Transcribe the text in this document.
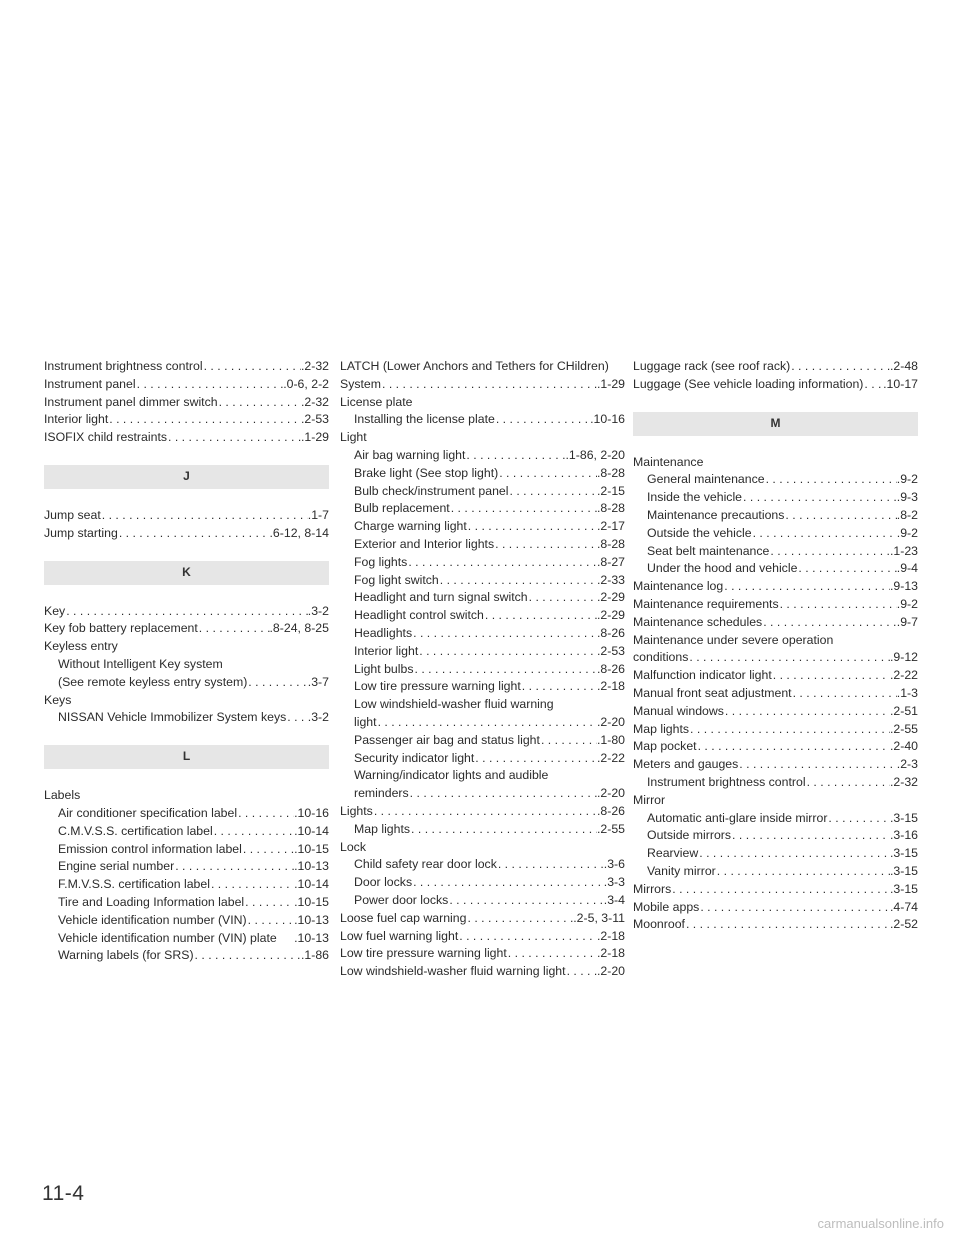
Instrument brightness control . . .	.2-32
Instrument panel . . .	.0-6, 2-2
Instrument panel dimmer switch . . .	.2-32
Interior light . . .	.2-53
ISOFIX child restraints . . .	.1-29
J
Jump seat . . .	.1-7
Jump starting . . .	.6-12, 8-14
K
Key . . .	.3-2
Key fob battery replacement . . .	.8-24, 8-25
Keyless entry
Without Intelligent Key system
(See remote keyless entry system) . . .	.3-7
Keys
NISSAN Vehicle Immobilizer System keys . . . .3-2
L
Labels
Air conditioner specification label . . .	.10-16
C.M.V.S.S. certification label . . .	.10-14
Emission control information label . . .	.10-15
Engine serial number . . .	.10-13
F.M.V.S.S. certification label . . .	.10-14
Tire and Loading Information label . . .	.10-15
Vehicle identification number (VIN) . . .	.10-13
Vehicle identification number (VIN) plate .10-13
Warning labels (for SRS) . . .	.1-86
LATCH (Lower Anchors and Tethers for CHildren)
System . . .	.1-29
License plate
Installing the license plate . . .	.10-16
Light
Air bag warning light . . .	.1-86, 2-20
Brake light (See stop light) . . .	.8-28
Bulb check/instrument panel . . .	.2-15
Bulb replacement . . .	.8-28
Charge warning light . . .	.2-17
Exterior and Interior lights . . .	.8-28
Fog lights . . .	.8-27
Fog light switch . . .	.2-33
Headlight and turn signal switch . . .	.2-29
Headlight control switch . . .	.2-29
Headlights . . .	.8-26
Interior light . . .	.2-53
Light bulbs . . .	.8-26
Low tire pressure warning light . . .	.2-18
Low windshield-washer fluid warning
light . . .	.2-20
Passenger air bag and status light . . .	.1-80
Security indicator light . . .	.2-22
Warning/indicator lights and audible
reminders . . .	.2-20
Lights . . .	.8-26
Map lights . . .	.2-55
Lock
Child safety rear door lock . . .	.3-6
Door locks . . .	.3-3
Power door locks . . .	.3-4
Loose fuel cap warning . . .	.2-5, 3-11
Low fuel warning light . . .	.2-18
Low tire pressure warning light . . .	.2-18
Low windshield-washer fluid warning light . . .	.2-20
Luggage rack (see roof rack) . . .	.2-48
Luggage (See vehicle loading information) . . . .10-17
M
Maintenance
General maintenance . . .	.9-2
Inside the vehicle . . .	.9-3
Maintenance precautions . . .	.8-2
Outside the vehicle . . .	.9-2
Seat belt maintenance . . .	.1-23
Under the hood and vehicle . . .	.9-4
Maintenance log . . .	.9-13
Maintenance requirements . . .	.9-2
Maintenance schedules . . .	.9-7
Maintenance under severe operation
conditions . . .	.9-12
Malfunction indicator light . . .	.2-22
Manual front seat adjustment . . .	.1-3
Manual windows . . .	.2-51
Map lights . . .	.2-55
Map pocket . . .	.2-40
Meters and gauges . . .	.2-3
Instrument brightness control . . .	.2-32
Mirror
Automatic anti-glare inside mirror . . .	.3-15
Outside mirrors . . .	.3-16
Rearview . . .	.3-15
Vanity mirror . . .	.3-15
Mirrors . . .	.3-15
Mobile apps . . .	.4-74
Moonroof . . .	.2-52
11-4
carmanualsonline.info
